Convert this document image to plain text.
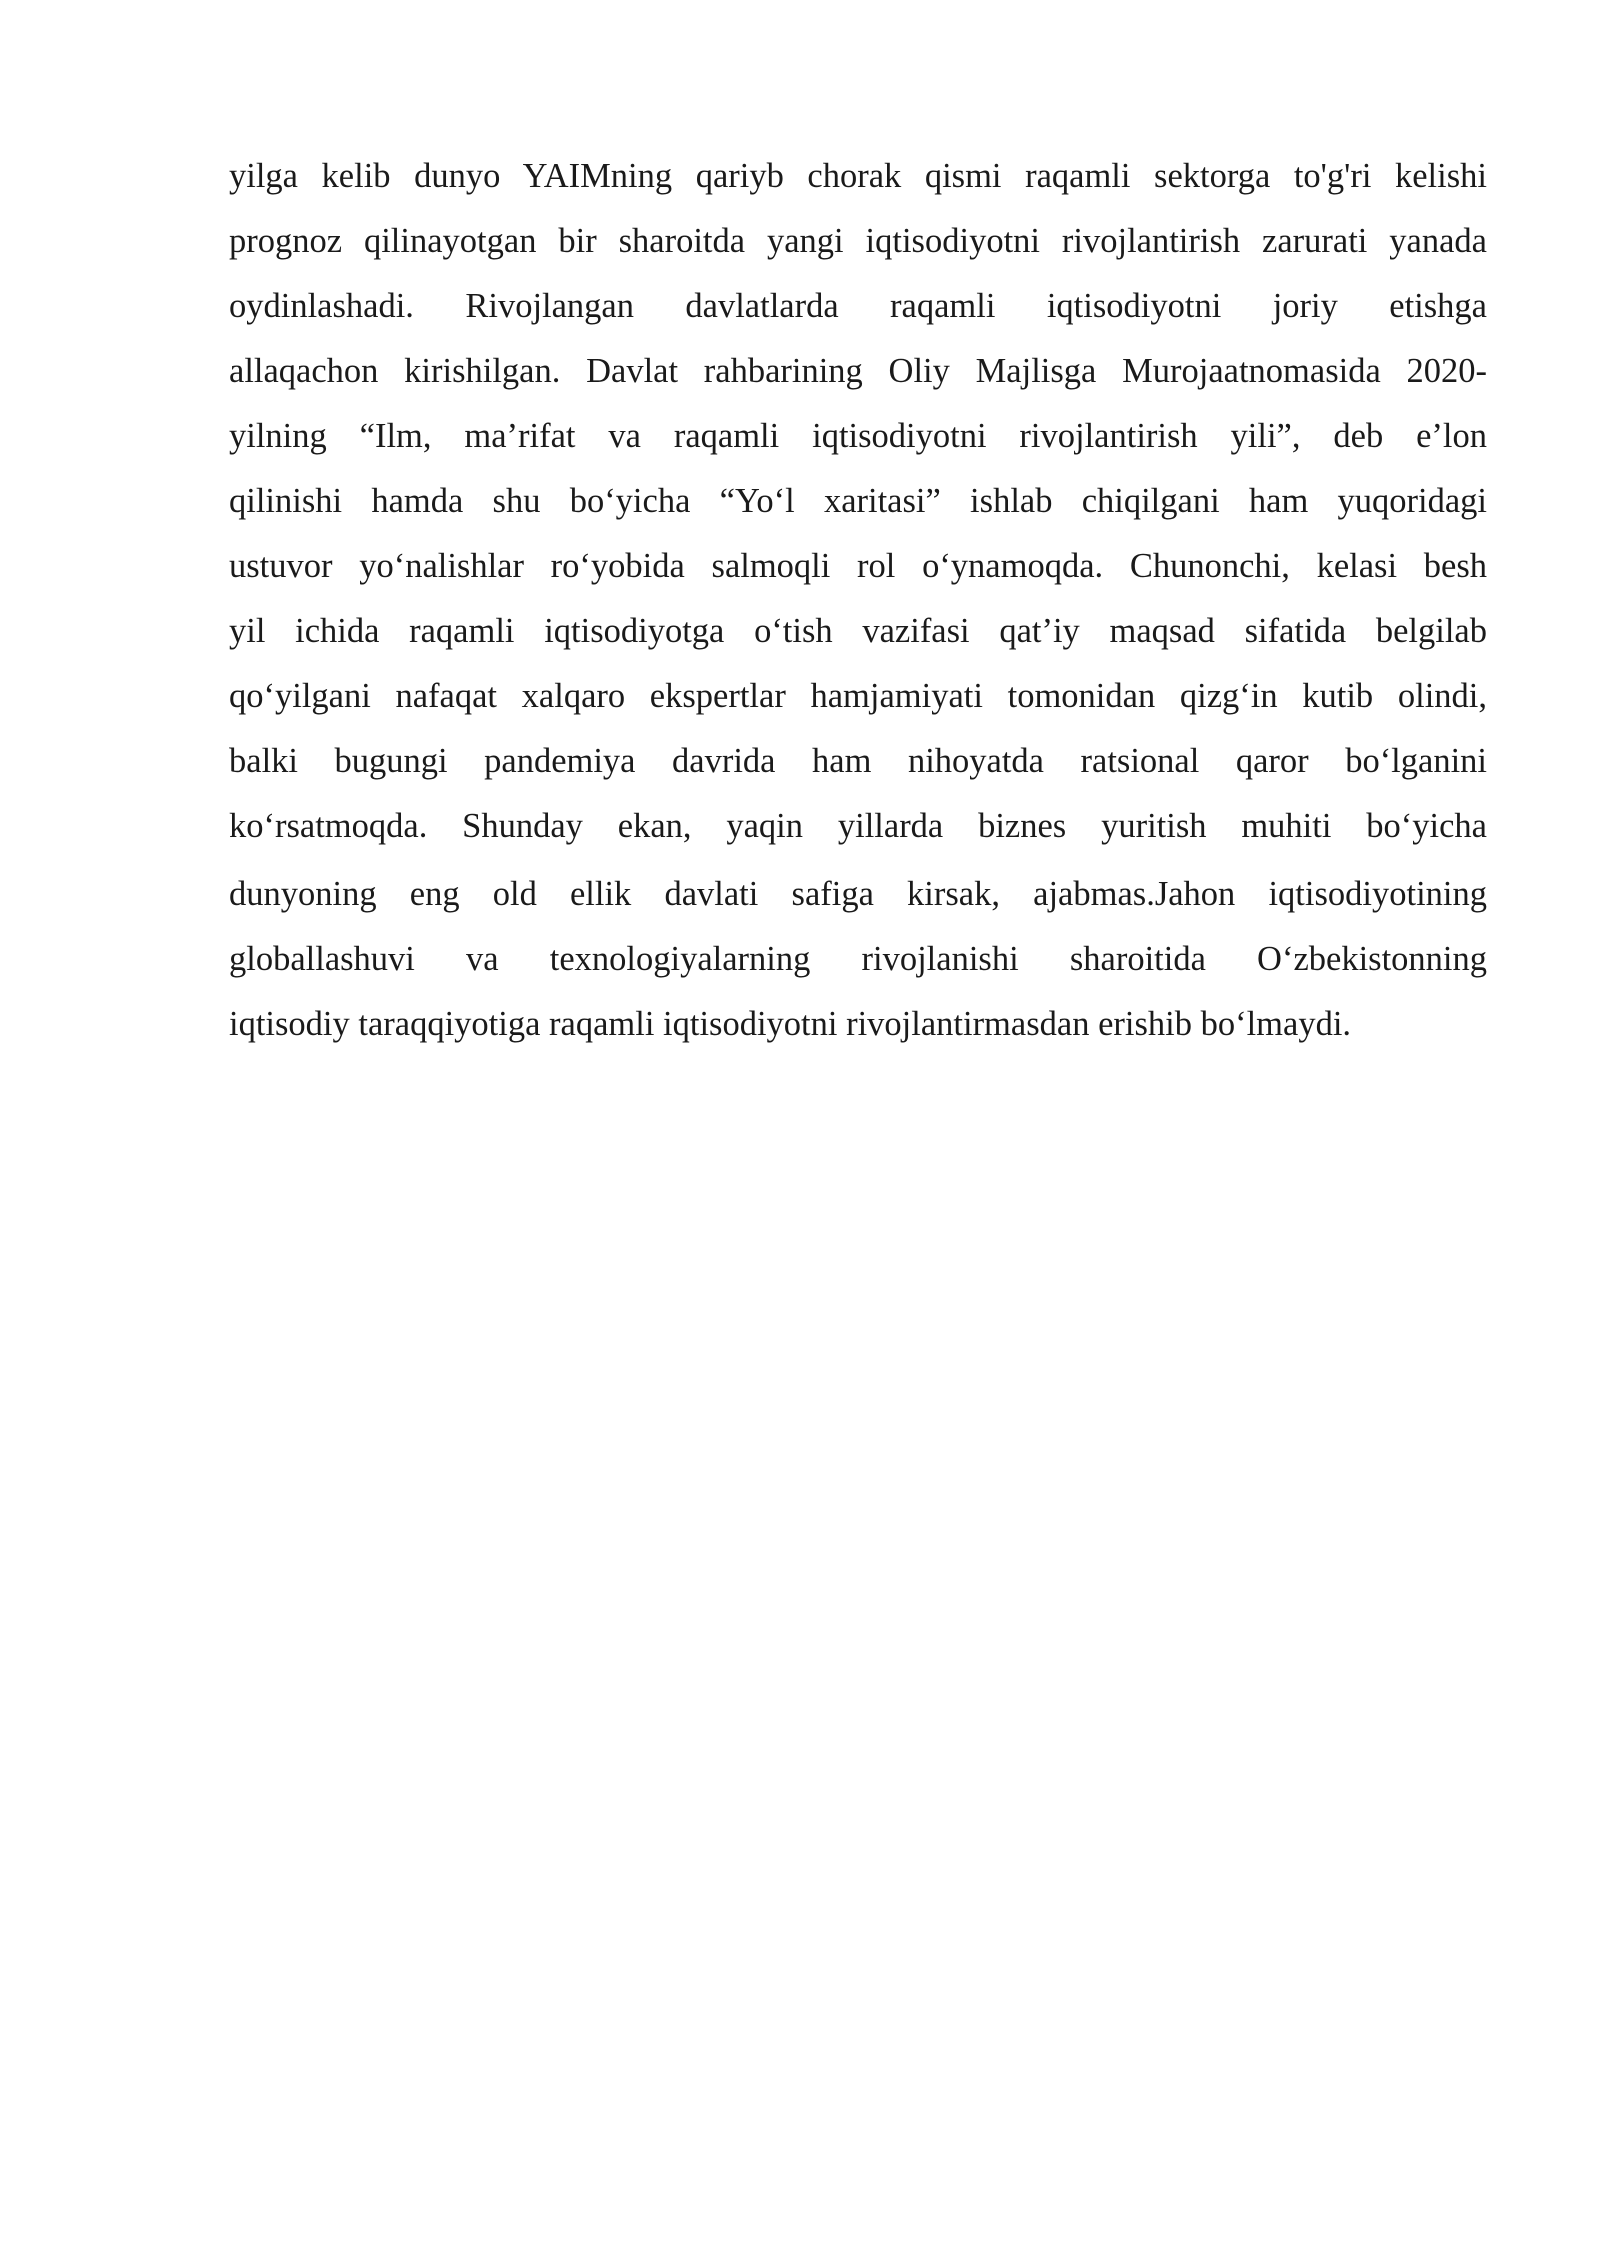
yilga kelib dunyo YAIMning qariyb chorak qismi raqamli sektorga to'g'ri kelishi
prognoz qilinayotgan bir sharoitda yangi iqtisodiyotni rivojlantirish zarurati yanada
oydinlashadi. Rivojlangan davlatlarda raqamli iqtisodiyotni joriy etishga
allaqachon kirishilgan. Davlat rahbarining Oliy Majlisga Murojaatnomasida 2020-
yilning “Ilm, ma’rifat va raqamli iqtisodiyotni rivojlantirish yili”, deb e’lon
qilinishi hamda shu bo‘yicha “Yo‘l xaritasi” ishlab chiqilgani ham yuqoridagi
ustuvor yo‘nalishlar ro‘yobida salmoqli rol o‘ynamoqda. Chunonchi, kelasi besh
yil ichida raqamli iqtisodiyotga o‘tish vazifasi qat’iy maqsad sifatida belgilab
qo‘yilgani nafaqat xalqaro ekspertlar hamjamiyati tomonidan qizg‘in kutib olindi,
balki bugungi pandemiya davrida ham nihoyatda ratsional qaror bo‘lganini
ko‘rsatmoqda. Shunday ekan, yaqin yillarda biznes yuritish muhiti bo‘yicha
dunyoning eng old ellik davlati safiga kirsak, ajabmas.Jahon iqtisodiyotining
globallashuvi va texnologiyalarning rivojlanishi sharoitida O‘zbekistonning
iqtisodiy taraqqiyotiga raqamli iqtisodiyotni rivojlantirmasdan erishib bo‘lmaydi.
